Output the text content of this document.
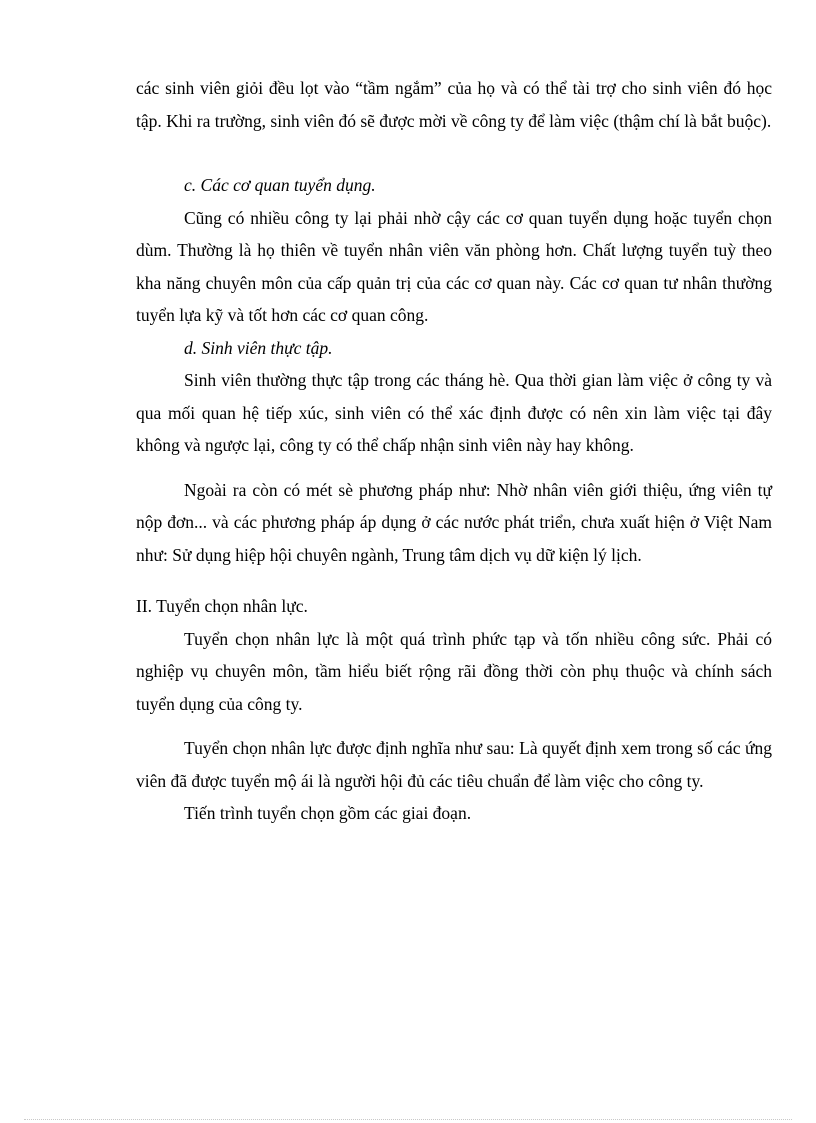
các sinh viên giỏi đều lọt vào “tầm ngắm” của họ và có thể tài trợ cho sinh viên đó học tập. Khi ra trường, sinh viên đó sẽ được mời về công ty để làm việc (thậm chí là bắt buộc).

c. Các cơ quan tuyển dụng.

Cũng có nhiều công ty lại phải nhờ cậy các cơ quan tuyển dụng hoặc tuyển chọn dùm. Thường là họ thiên về tuyển nhân viên văn phòng hơn. Chất lượng tuyển tuỳ theo kha năng chuyên môn của cấp quản trị của các cơ quan này. Các cơ quan tư nhân thường tuyển lựa kỹ và tốt hơn các cơ quan công.

d. Sinh viên thực tập.

Sinh viên thường thực tập trong các tháng hè. Qua thời gian làm việc ở công ty và qua mối quan hệ tiếp xúc, sinh viên có thể xác định được có nên xin làm việc tại đây không và ngược lại, công ty có thể chấp nhận sinh viên này hay không.

Ngoài ra còn có mét sè phương pháp như: Nhờ nhân viên giới thiệu, ứng viên tự nộp đơn... và các phương pháp áp dụng ở các nước phát triển, chưa xuất hiện ở Việt Nam như: Sử dụng hiệp hội chuyên ngành, Trung tâm dịch vụ dữ kiện lý lịch.

II. Tuyển chọn nhân lực.

Tuyển chọn nhân lực là một quá trình phức tạp và tốn nhiều công sức. Phải có nghiệp vụ chuyên môn, tầm hiểu biết rộng rãi đồng thời còn phụ thuộc và chính sách tuyển dụng của công ty.

Tuyển chọn nhân lực được định nghĩa như sau: Là quyết định xem trong số các ứng viên đã được tuyển mộ ái là người hội đủ các tiêu chuẩn để làm việc cho công ty.

Tiến trình tuyển chọn gồm các giai đoạn.
